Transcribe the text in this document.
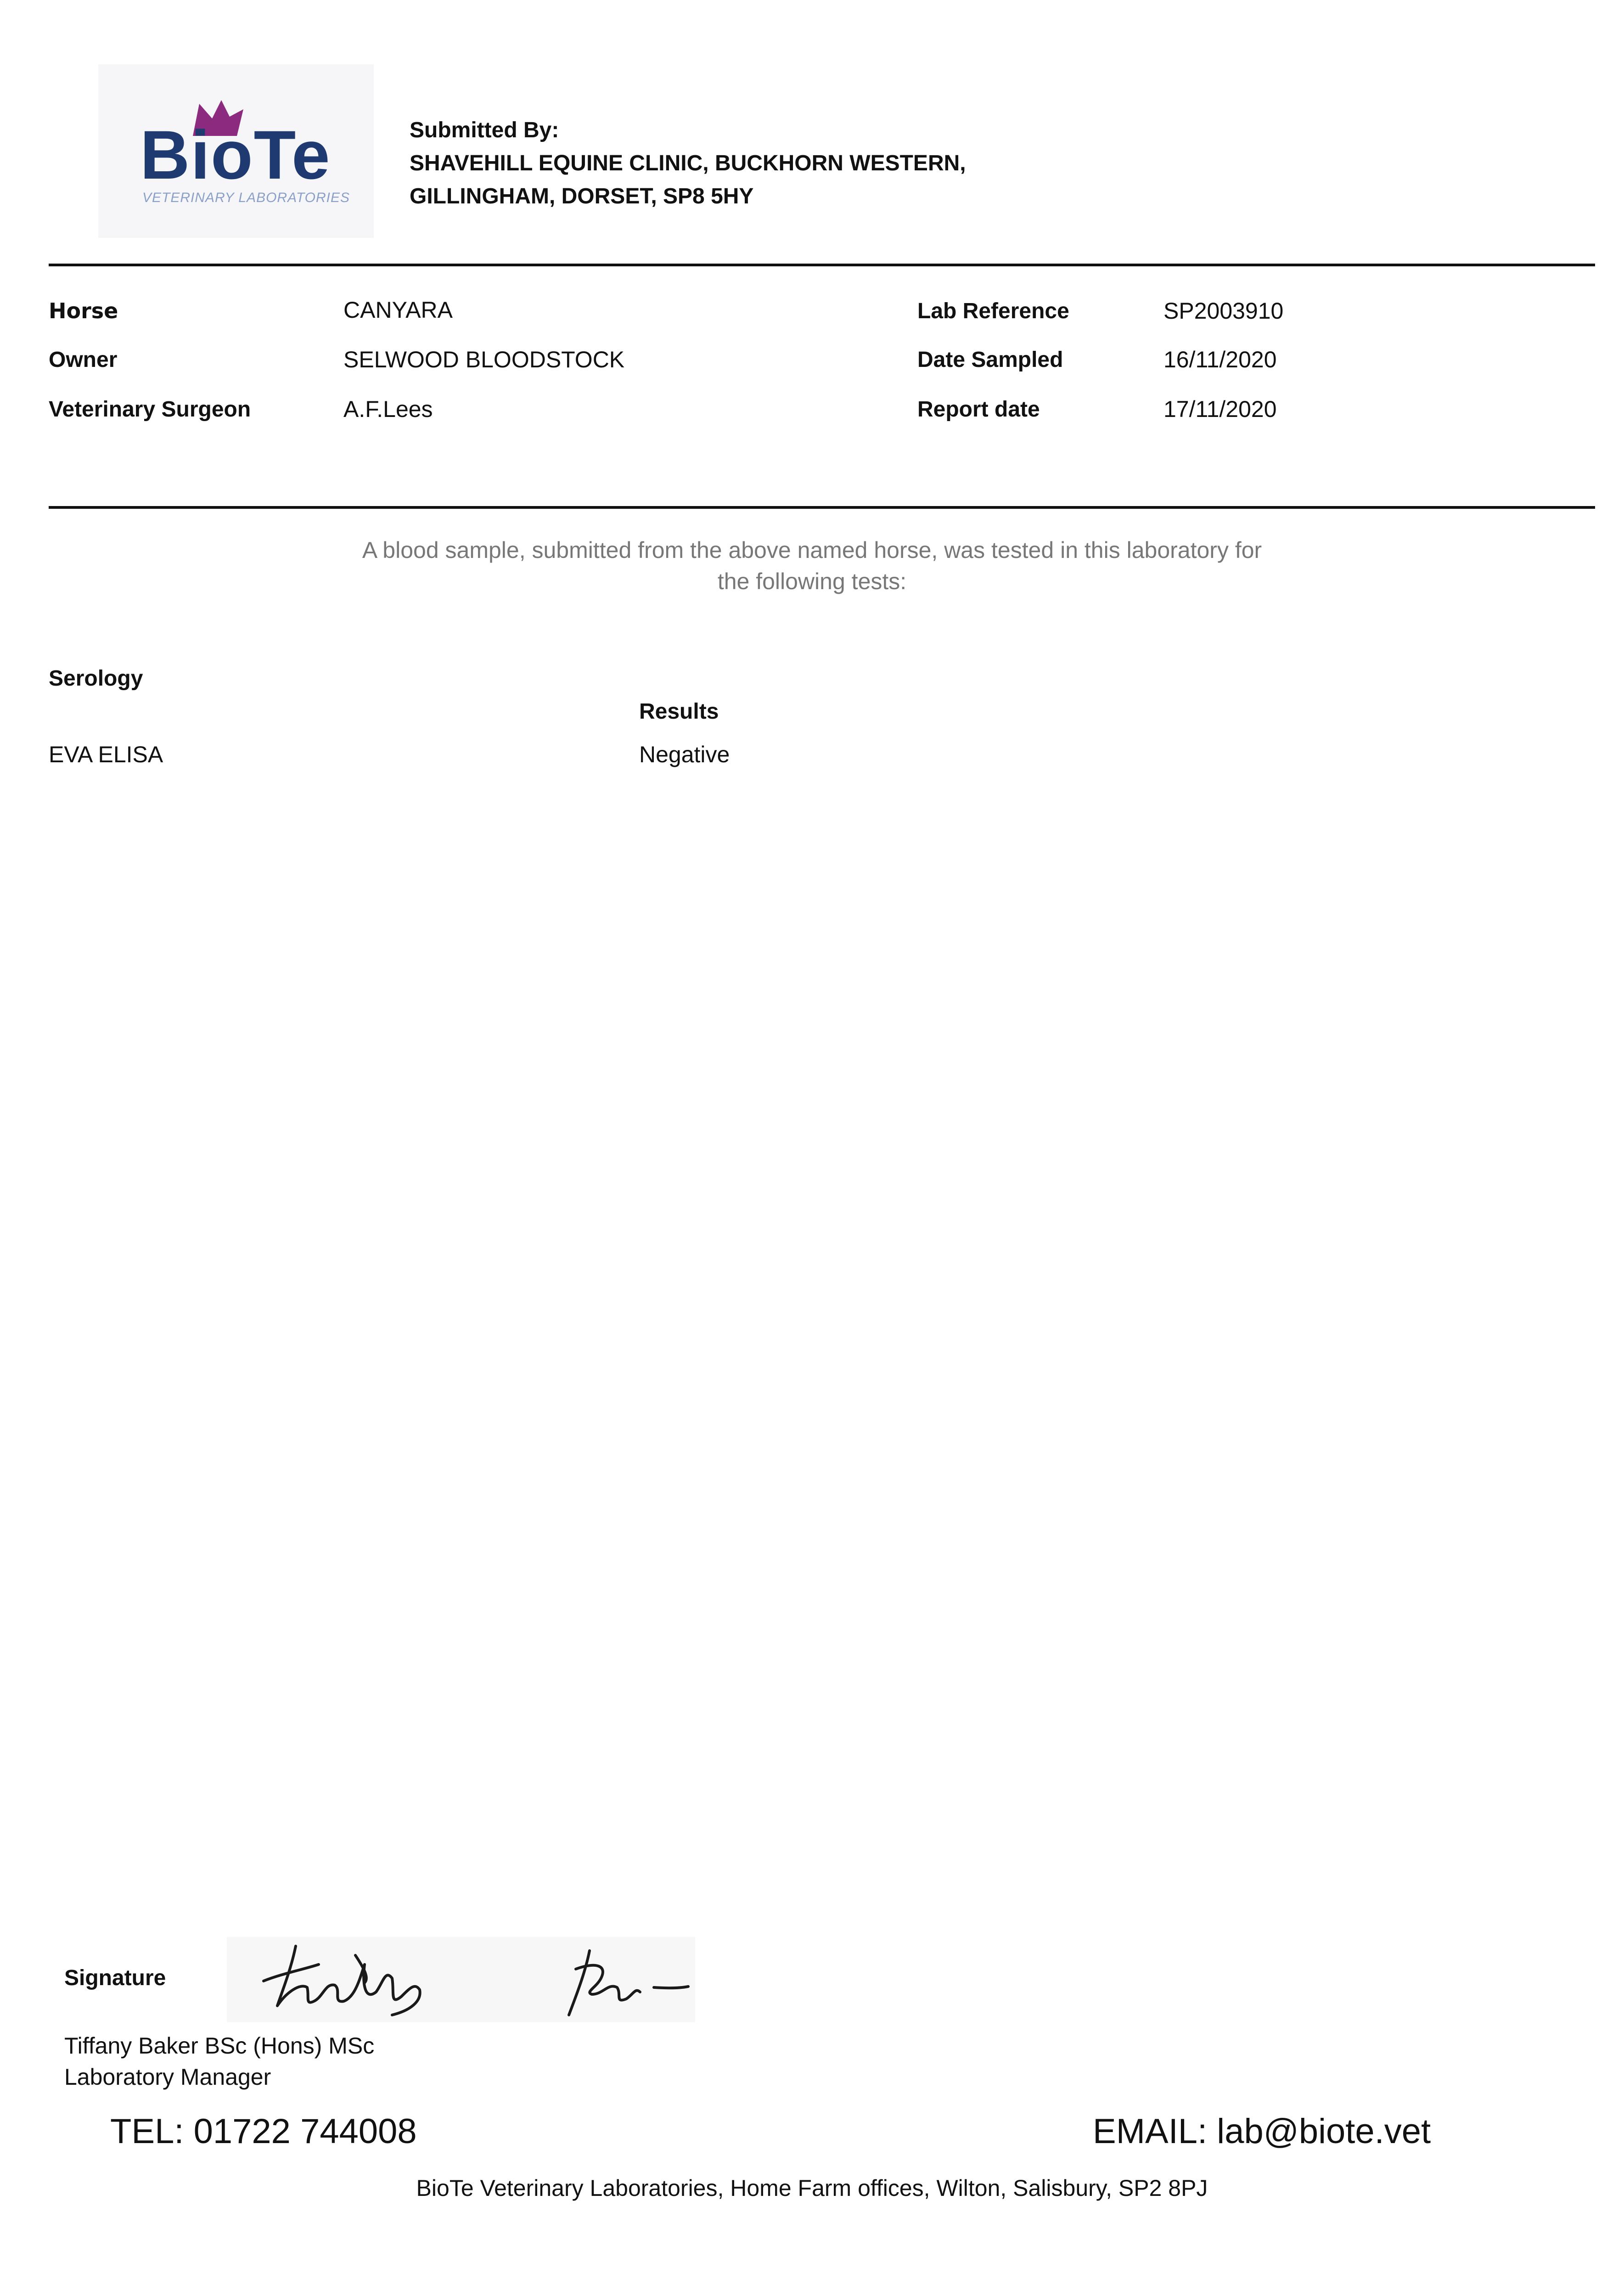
BioTe
VETERINARY LABORATORIES
Submitted By:
SHAVEHILL EQUINE CLINIC, BUCKHORN WESTERN,
GILLINGHAM, DORSET, SP8 5HY
Horse	CANYARA
Owner	SELWOOD BLOODSTOCK
Veterinary Surgeon	A.F.Lees
Lab Reference	SP2003910
Date Sampled	16/11/2020
Report date	17/11/2020
A blood sample, submitted from the above named horse, was tested in this laboratory for
the following tests:
Serology
Results
EVA ELISA	Negative
Signature
Tiffany Baker
Tiffany Baker BSc (Hons) MSc
Laboratory Manager
TEL: 01722 744008	EMAIL: lab@biote.vet
BioTe Veterinary Laboratories, Home Farm offices, Wilton, Salisbury, SP2 8PJ
